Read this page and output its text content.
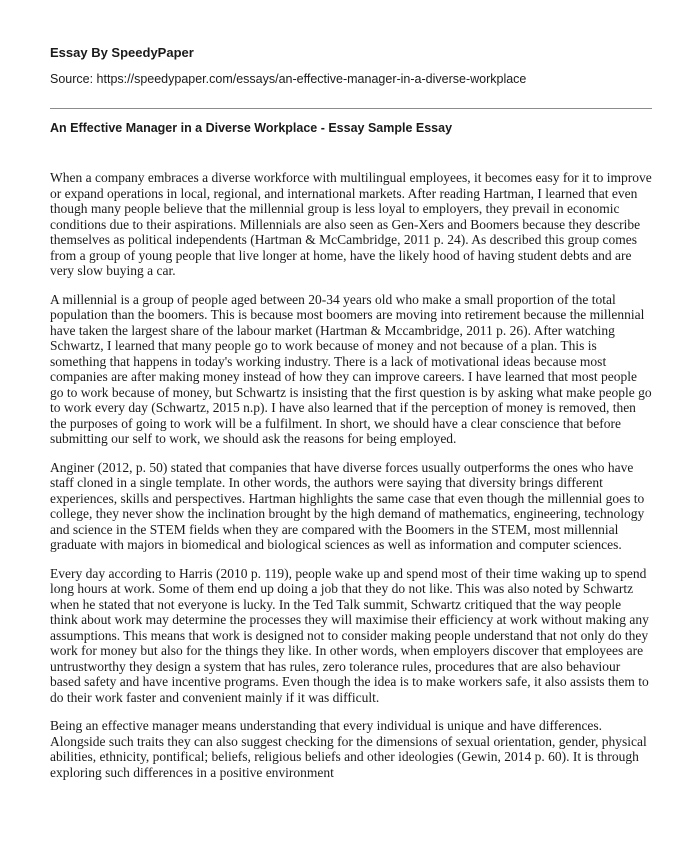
Essay By SpeedyPaper
Source: https://speedypaper.com/essays/an-effective-manager-in-a-diverse-workplace
An Effective Manager in a Diverse Workplace - Essay Sample Essay

When a company embraces a diverse workforce with multilingual employees, it becomes easy for it to improve or expand operations in local, regional, and international markets. After reading Hartman, I learned that even though many people believe that the millennial group is less loyal to employers, they prevail in economic conditions due to their aspirations. Millennials are also seen as Gen-Xers and Boomers because they describe themselves as political independents (Hartman & McCambridge, 2011 p. 24). As described this group comes from a group of young people that live longer at home, have the likely hood of having student debts and are very slow buying a car.

A millennial is a group of people aged between 20-34 years old who make a small proportion of the total population than the boomers. This is because most boomers are moving into retirement because the millennial have taken the largest share of the labour market (Hartman & Mccambridge, 2011 p. 26). After watching Schwartz, I learned that many people go to work because of money and not because of a plan. This is something that happens in today's working industry. There is a lack of motivational ideas because most companies are after making money instead of how they can improve careers. I have learned that most people go to work because of money, but Schwartz is insisting that the first question is by asking what make people go to work every day (Schwartz, 2015 n.p). I have also learned that if the perception of money is removed, then the purposes of going to work will be a fulfilment. In short, we should have a clear conscience that before submitting our self to work, we should ask the reasons for being employed.

Anginer (2012, p. 50) stated that companies that have diverse forces usually outperforms the ones who have staff cloned in a single template. In other words, the authors were saying that diversity brings different experiences, skills and perspectives. Hartman highlights the same case that even though the millennial goes to college, they never show the inclination brought by the high demand of mathematics, engineering, technology and science in the STEM fields when they are compared with the Boomers in the STEM, most millennial graduate with majors in biomedical and biological sciences as well as information and computer sciences.

Every day according to Harris (2010 p. 119), people wake up and spend most of their time waking up to spend long hours at work. Some of them end up doing a job that they do not like. This was also noted by Schwartz when he stated that not everyone is lucky. In the Ted Talk summit, Schwartz critiqued that the way people think about work may determine the processes they will maximise their efficiency at work without making any assumptions. This means that work is designed not to consider making people understand that not only do they work for money but also for the things they like. In other words, when employers discover that employees are untrustworthy they design a system that has rules, zero tolerance rules, procedures that are also behaviour based safety and have incentive programs. Even though the idea is to make workers safe, it also assists them to do their work faster and convenient mainly if it was difficult.

Being an effective manager means understanding that every individual is unique and have differences. Alongside such traits they can also suggest checking for the dimensions of sexual orientation, gender, physical abilities, ethnicity, pontifical; beliefs, religious beliefs and other ideologies (Gewin, 2014 p. 60). It is through exploring such differences in a positive environment
